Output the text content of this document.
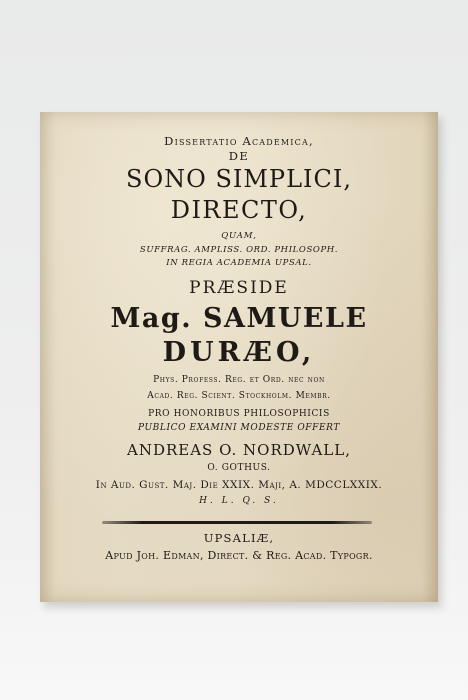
Dissertatio Academica,
DE
SONO SIMPLICI,
DIRECTO,
QUAM,
SUFFRAG. AMPLISS. ORD. PHILOSOPH.
IN REGIA ACADEMIA UPSAL.
PRÆSIDE
Mag. SAMUELE
DURÆO,
Phys. Profess. Reg. et Ord. nec non
Acad. Reg. Scient. Stockholm. Membr.
PRO HONORIBUS PHILOSOPHICIS
PUBLICO EXAMINI MODESTE OFFERT
ANDREAS O. NORDWALL,
O. GOTHUS.
In Aud. Gust. Maj. Die XXIX. Maji, A. MDCCLXXIX.
H. L. Q. S.
UPSALIÆ,
Apud Joh. Edman, Direct. & Reg. Acad. Typogr.
